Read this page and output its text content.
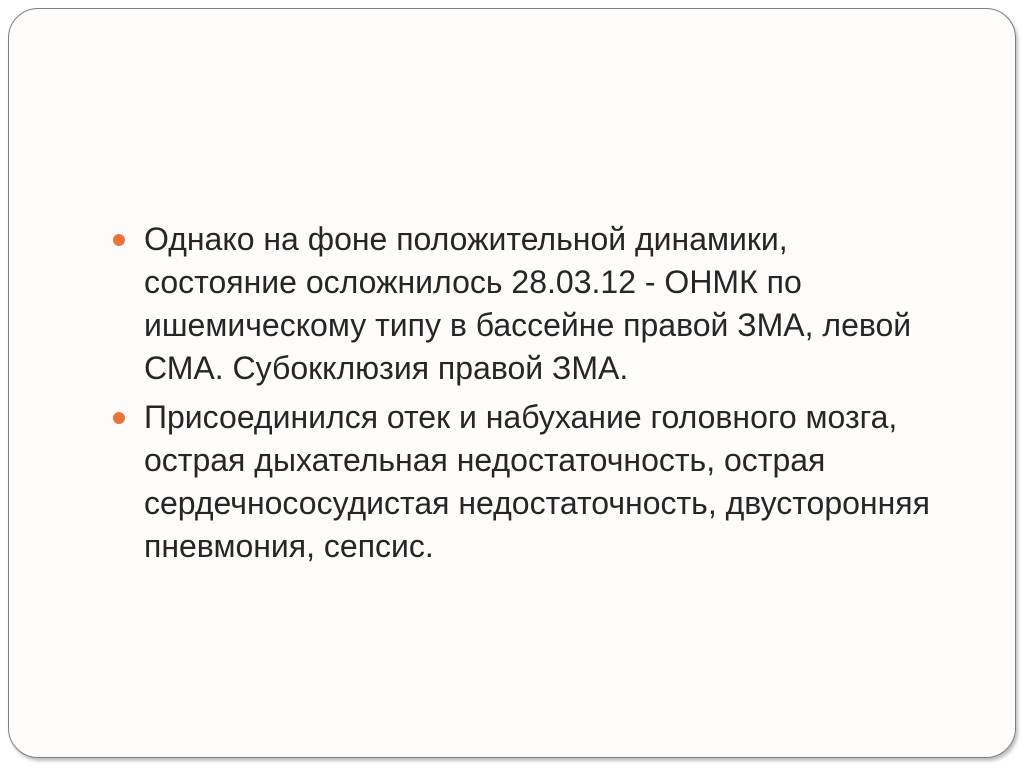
Однако на фоне положительной динамики, состояние осложнилось 28.03.12 - ОНМК по ишемическому типу в бассейне правой ЗМА, левой СМА. Субокклюзия правой ЗМА.
Присоединился отек и набухание головного мозга, острая дыхательная недостаточность, острая сердечнососудистая недостаточность, двусторонняя пневмония, сепсис.
